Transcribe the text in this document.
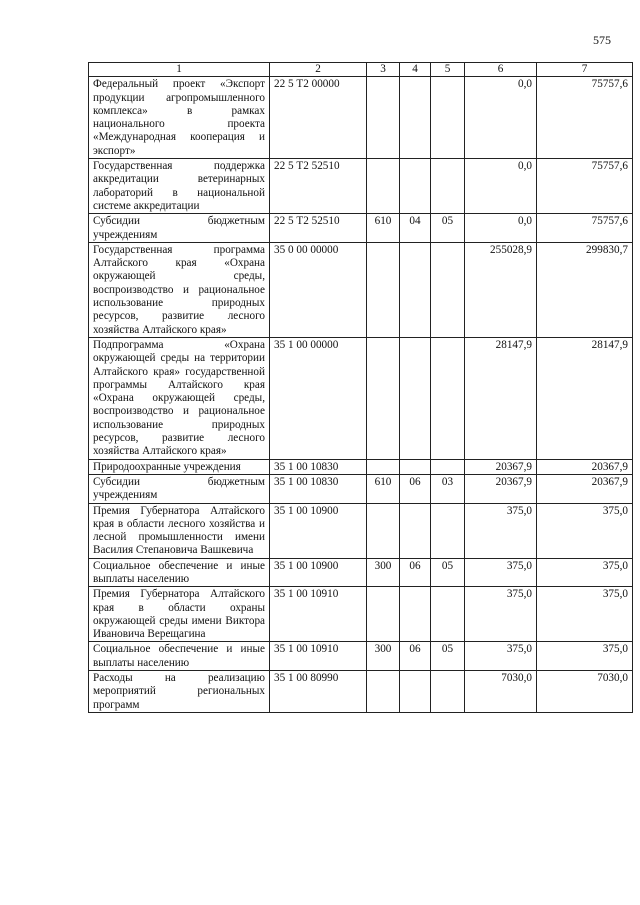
575
1	2	3	4	5	6	7
Федеральный проект «Экспорт продукции агропромышленного комплекса» в рамках национального проекта «Международная кооперация и экспорт»	22 5 Т2 00000				0,0	75757,6
Государственная поддержка аккредитации ветеринарных лабораторий в национальной системе аккредитации	22 5 Т2 52510				0,0	75757,6
Субсидии бюджетным учреждениям	22 5 Т2 52510	610	04	05	0,0	75757,6
Государственная программа Алтайского края «Охрана окружающей среды, воспроизводство и рациональное использование природных ресурсов, развитие лесного хозяйства Алтайского края»	35 0 00 00000				255028,9	299830,7
Подпрограмма «Охрана окружающей среды на территории Алтайского края» государственной программы Алтайского края «Охрана окружающей среды, воспроизводство и рациональное использование природных ресурсов, развитие лесного хозяйства Алтайского края»	35 1 00 00000				28147,9	28147,9
Природоохранные учреждения	35 1 00 10830				20367,9	20367,9
Субсидии бюджетным учреждениям	35 1 00 10830	610	06	03	20367,9	20367,9
Премия Губернатора Алтайского края в области лесного хозяйства и лесной промышленности имени Василия Степановича Вашкевича	35 1 00 10900				375,0	375,0
Социальное обеспечение и иные выплаты населению	35 1 00 10900	300	06	05	375,0	375,0
Премия Губернатора Алтайского края в области охраны окружающей среды имени Виктора Ивановича Верещагина	35 1 00 10910				375,0	375,0
Социальное обеспечение и иные выплаты населению	35 1 00 10910	300	06	05	375,0	375,0
Расходы на реализацию мероприятий региональных программ	35 1 00 80990				7030,0	7030,0
